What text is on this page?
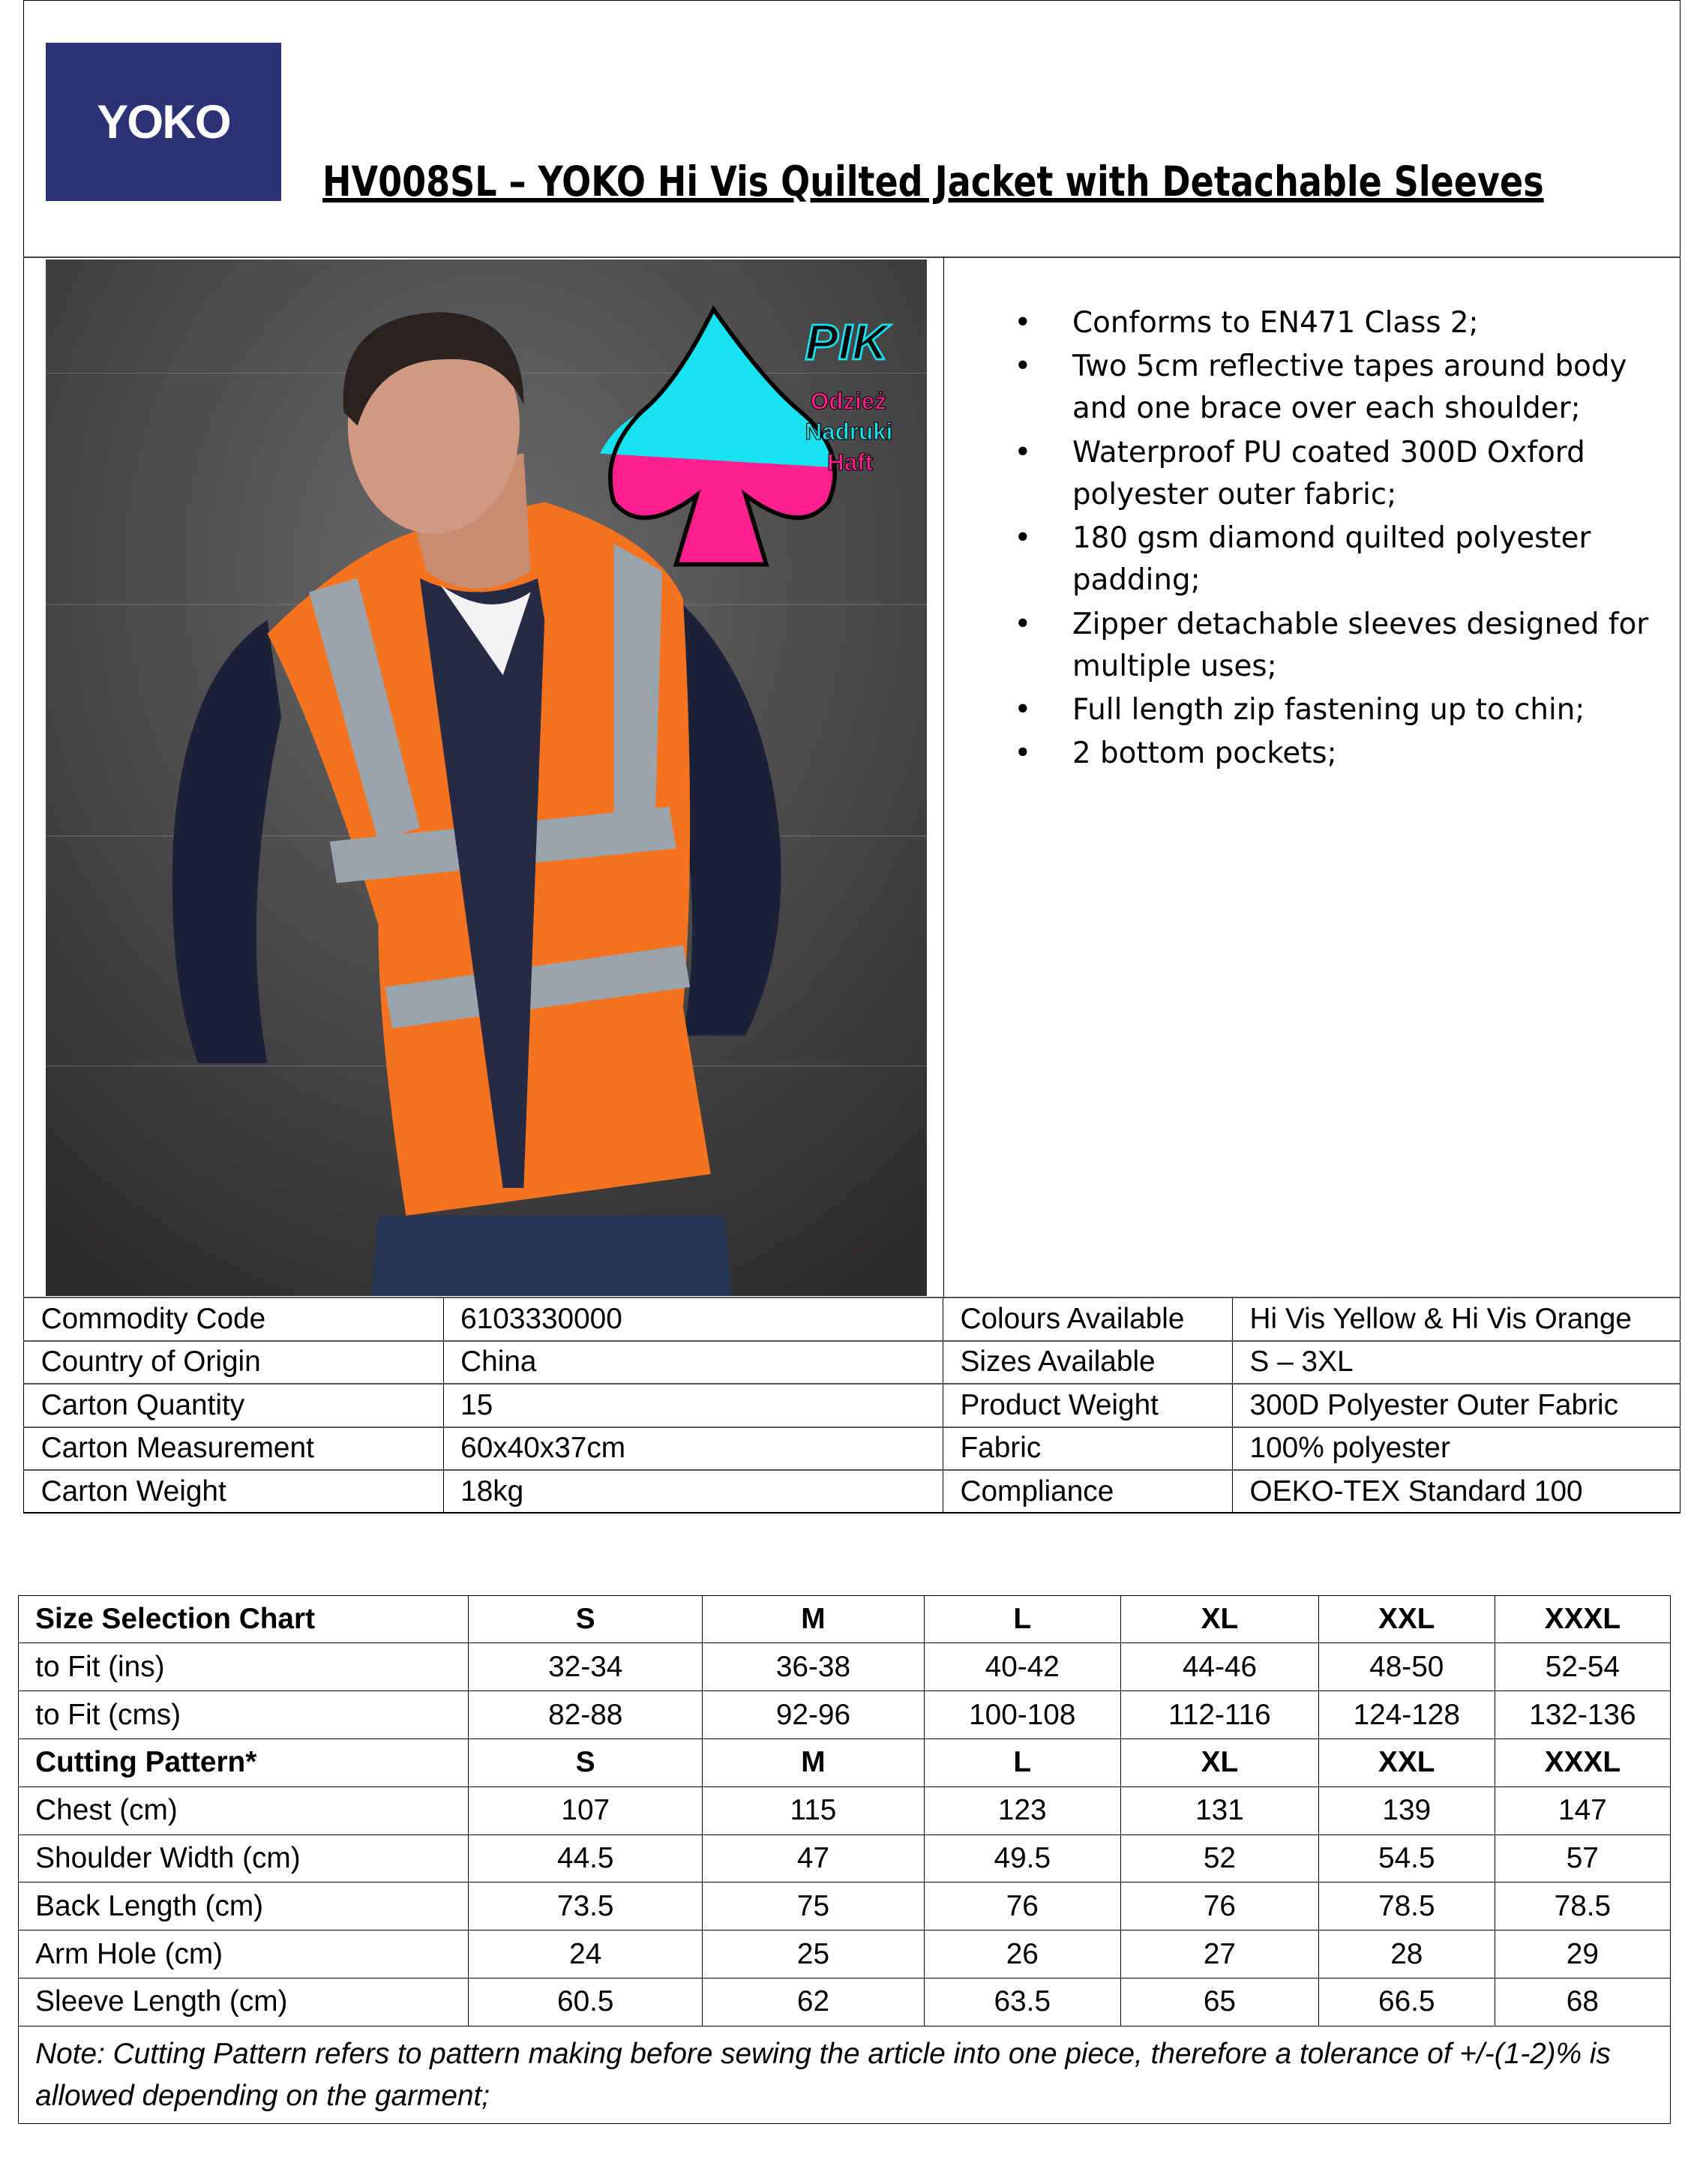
YOKO
HV008SL – YOKO Hi Vis Quilted Jacket with Detachable Sleeves
PIK
Odzież
Nadruki
Haft
• Conforms to EN471 Class 2;
• Two 5cm reflective tapes around body and one brace over each shoulder;
• Waterproof PU coated 300D Oxford polyester outer fabric;
• 180 gsm diamond quilted polyester padding;
• Zipper detachable sleeves designed for multiple uses;
• Full length zip fastening up to chin;
• 2 bottom pockets;
Commodity Code	6103330000	Colours Available	Hi Vis Yellow & Hi Vis Orange
Country of Origin	China	Sizes Available	S – 3XL
Carton Quantity	15	Product Weight	300D Polyester Outer Fabric
Carton Measurement	60x40x37cm	Fabric	100% polyester
Carton Weight	18kg	Compliance	OEKO-TEX Standard 100
Size Selection Chart	S	M	L	XL	XXL	XXXL
to Fit (ins)	32-34	36-38	40-42	44-46	48-50	52-54
to Fit (cms)	82-88	92-96	100-108	112-116	124-128	132-136
Cutting Pattern*	S	M	L	XL	XXL	XXXL
Chest (cm)	107	115	123	131	139	147
Shoulder Width (cm)	44.5	47	49.5	52	54.5	57
Back Length (cm)	73.5	75	76	76	78.5	78.5
Arm Hole (cm)	24	25	26	27	28	29
Sleeve Length (cm)	60.5	62	63.5	65	66.5	68
Note: Cutting Pattern refers to pattern making before sewing the article into one piece, therefore a tolerance of +/-(1-2)% is allowed depending on the garment;						
